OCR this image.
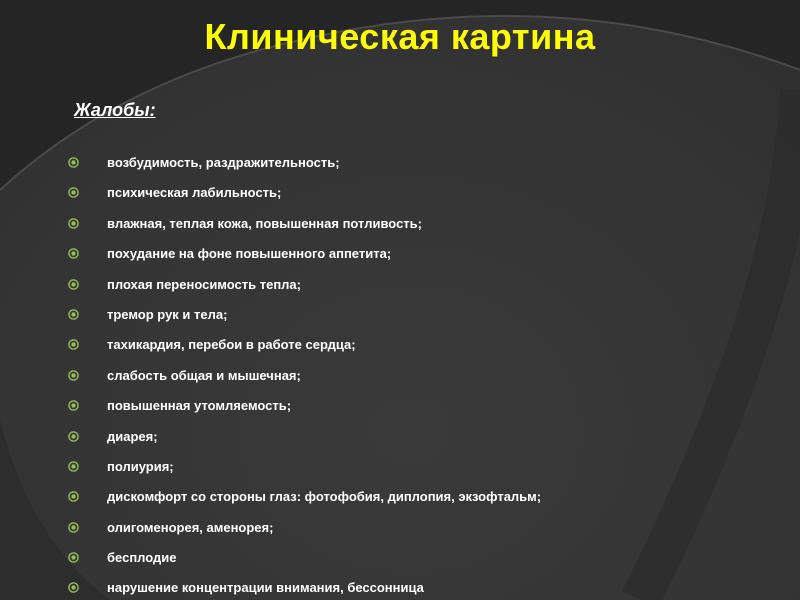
Клиническая картина
Жалобы:
возбудимость, раздражительность;
психическая лабильность;
влажная, теплая кожа, повышенная потливость;
похудание на фоне повышенного аппетита;
плохая переносимость тепла;
тремор рук и тела;
тахикардия, перебои в работе сердца;
слабость общая и мышечная;
повышенная утомляемость;
диарея;
полиурия;
дискомфорт со стороны глаз: фотофобия, диплопия, экзофтальм;
олигоменорея, аменорея;
бесплодие
нарушение концентрации внимания, бессонница
